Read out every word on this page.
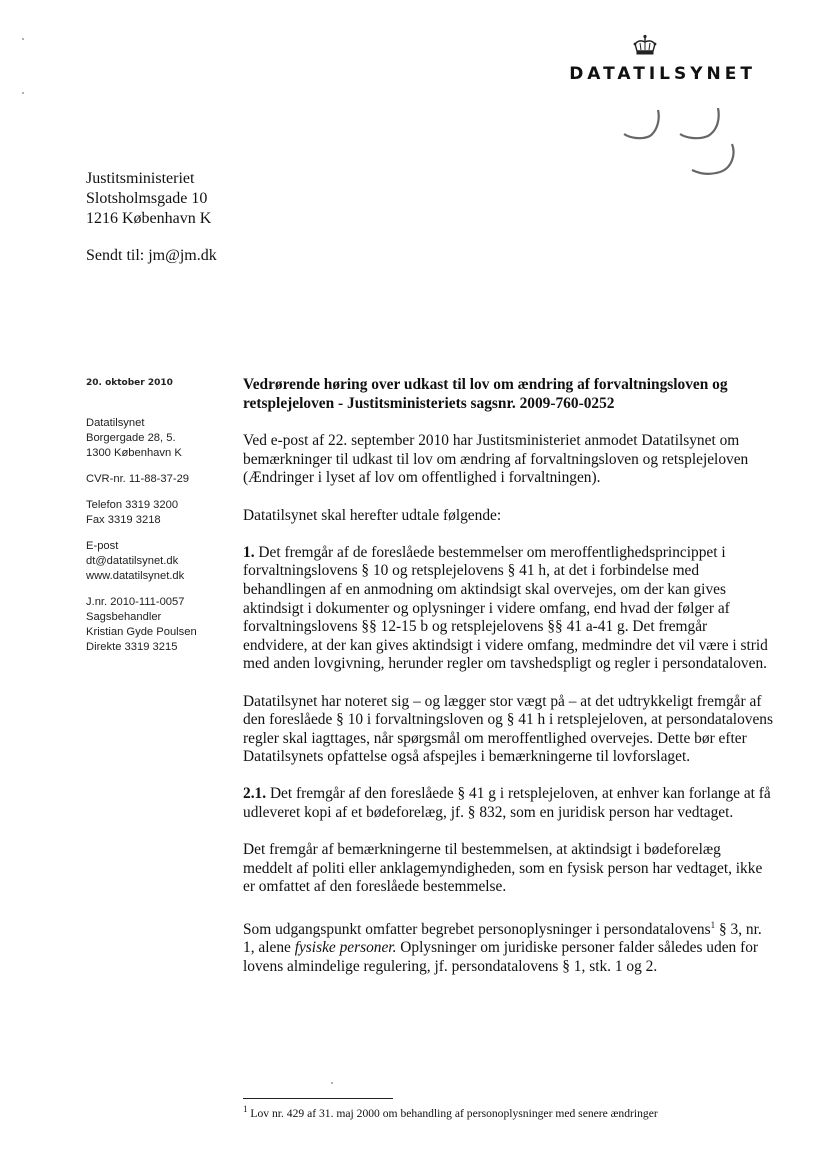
DATATILSYNET
Justitsministeriet
Slotsholmsgade 10
1216 København K
Sendt til: jm@jm.dk
20. oktober 2010
Datatilsynet
Borgergade 28, 5.
1300 København K
CVR-nr. 11-88-37-29
Telefon 3319 3200
Fax 3319 3218
E-post
dt@datatilsynet.dk
www.datatilsynet.dk
J.nr. 2010-111-0057
Sagsbehandler
Kristian Gyde Poulsen
Direkte 3319 3215
Vedrørende høring over udkast til lov om ændring af forvaltningsloven og retsplejeloven - Justitsministeriets sagsnr. 2009-760-0252

Ved e-post af 22. september 2010 har Justitsministeriet anmodet Datatilsynet om bemærkninger til udkast til lov om ændring af forvaltningsloven og retsplejeloven (Ændringer i lyset af lov om offentlighed i forvaltningen).

Datatilsynet skal herefter udtale følgende:

1. Det fremgår af de foreslåede bestemmelser om meroffentlighedsprincippet i forvaltningslovens § 10 og retsplejelovens § 41 h, at det i forbindelse med behandlingen af en anmodning om aktindsigt skal overvejes, om der kan gives aktindsigt i dokumenter og oplysninger i videre omfang, end hvad der følger af forvaltningslovens §§ 12-15 b og retsplejelovens §§ 41 a-41 g. Det fremgår endvidere, at der kan gives aktindsigt i videre omfang, medmindre det vil være i strid med anden lovgivning, herunder regler om tavshedspligt og regler i persondataloven.

Datatilsynet har noteret sig – og lægger stor vægt på – at det udtrykkeligt fremgår af den foreslåede § 10 i forvaltningsloven og § 41 h i retsplejeloven, at persondatalovens regler skal iagttages, når spørgsmål om meroffentlighed overvejes. Dette bør efter Datatilsynets opfattelse også afspejles i bemærkningerne til lovforslaget.

2.1. Det fremgår af den foreslåede § 41 g i retsplejeloven, at enhver kan forlange at få udleveret kopi af et bødeforelæg, jf. § 832, som en juridisk person har vedtaget.

Det fremgår af bemærkningerne til bestemmelsen, at aktindsigt i bødeforelæg meddelt af politi eller anklagemyndigheden, som en fysisk person har vedtaget, ikke er omfattet af den foreslåede bestemmelse.

Som udgangspunkt omfatter begrebet personoplysninger i persondatalovens$^1$ § 3, nr. 1, alene fysiske personer. Oplysninger om juridiske personer falder således uden for lovens almindelige regulering, jf. persondatalovens § 1, stk. 1 og 2.

$^1$ Lov nr. 429 af 31. maj 2000 om behandling af personoplysninger med senere ændringer
